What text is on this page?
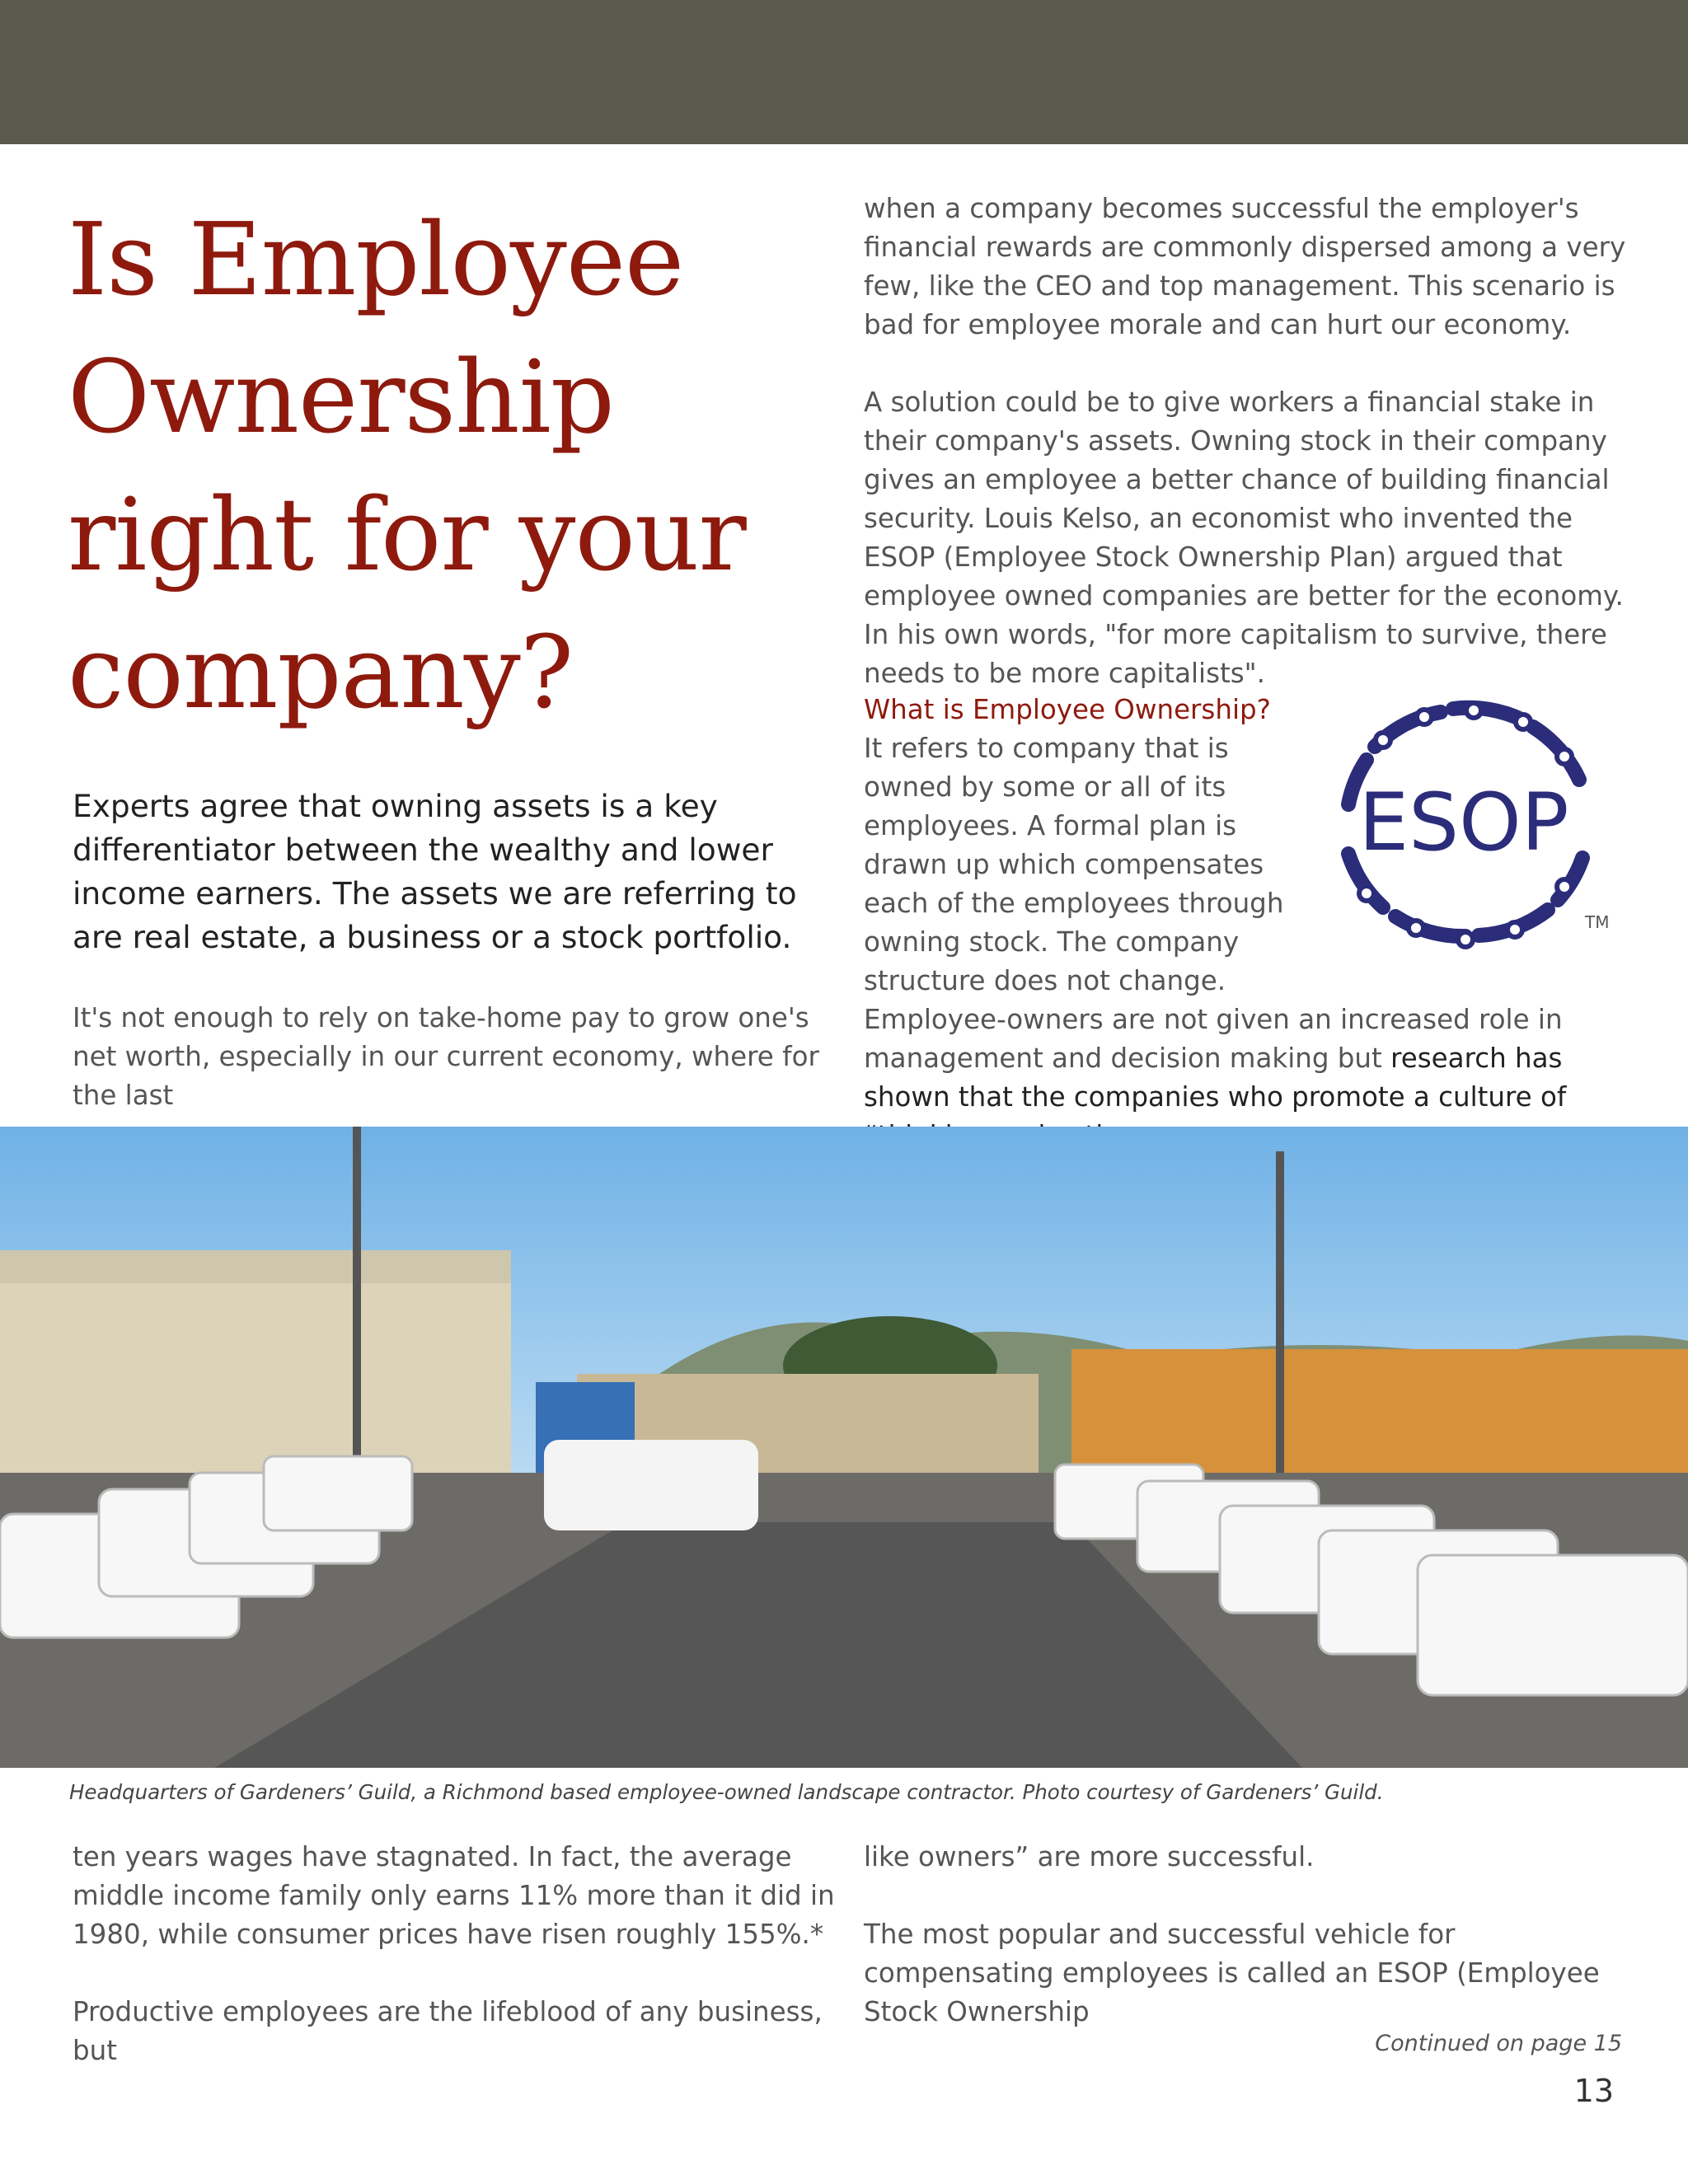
Is Employee
Ownership
right for your
company?

Experts agree that owning assets is a key differentiator between the wealthy and lower income earners. The assets we are referring to are real estate, a business or a stock portfolio.

It's not enough to rely on take-home pay to grow one's net worth, especially in our current economy, where for the last

when a company becomes successful the employer's financial rewards are commonly dispersed among a very few, like the CEO and top management. This scenario is bad for employee morale and can hurt our economy.

A solution could be to give workers a financial stake in their company's assets. Owning stock in their company gives an employee a better chance of building financial security. Louis Kelso, an economist who invented the ESOP (Employee Stock Ownership Plan) argued that employee owned companies are better for the economy. In his own words, "for more capitalism to survive, there needs to be more capitalists".

What is Employee Ownership?

It refers to company that is owned by some or all of its employees. A formal plan is drawn up which compensates each of the employees through owning stock. The company structure does not change.

Employee-owners are not given an increased role in management and decision making but research has shown that the companies who promote a culture of

ESOP
TM

Headquarters of Gardeners’ Guild, a Richmond based employee-owned landscape contractor. Photo courtesy of Gardeners’ Guild.

ten years wages have stagnated. In fact, the average middle income family only earns 11% more than it did in 1980, while consumer prices have risen roughly 155%.*

Productive employees are the lifeblood of any business, but

like owners” are more successful.

The most popular and successful vehicle for compensating employees is called an ESOP (Employee Stock Ownership

Continued on page 15

13
